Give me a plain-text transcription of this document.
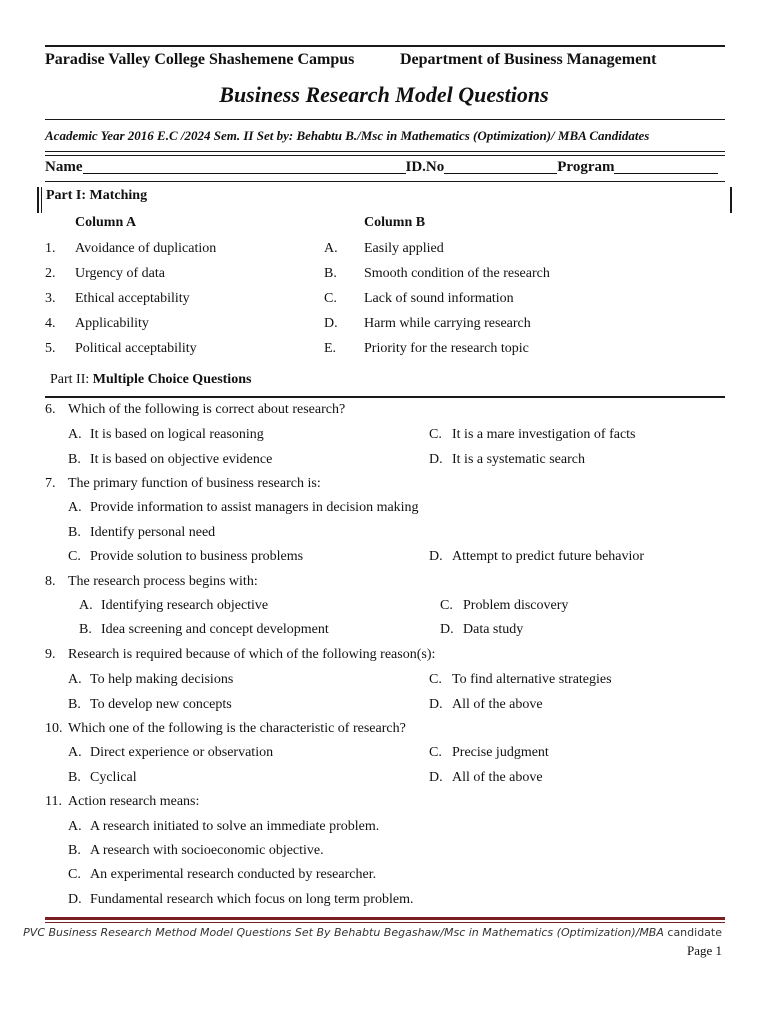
Paradise Valley College Shashemene Campus	Department of Business Management
Business Research Model Questions
Academic Year 2016 E.C /2024 Sem. II Set by: Behabtu B./Msc in Mathematics (Optimization)/ MBA Candidates
Name	ID.No	Program
Part I: Matching
Column A	Column B
1. Avoidance of duplication	A. Easily applied
2. Urgency of data	B. Smooth condition of the research
3. Ethical acceptability	C. Lack of sound information
4. Applicability	D. Harm while carrying research
5. Political acceptability	E. Priority for the research topic
Part II: Multiple Choice Questions
6. Which of the following is correct about research?
A. It is based on logical reasoning	C. It is a mare investigation of facts
B. It is based on objective evidence	D. It is a systematic search
7. The primary function of business research is:
A. Provide information to assist managers in decision making
B. Identify personal need
C. Provide solution to business problems	D. Attempt to predict future behavior
8. The research process begins with:
A. Identifying research objective	C. Problem discovery
B. Idea screening and concept development	D. Data study
9. Research is required because of which of the following reason(s):
A. To help making decisions	C. To find alternative strategies
B. To develop new concepts	D. All of the above
10. Which one of the following is the characteristic of research?
A. Direct experience or observation	C. Precise judgment
B. Cyclical	D. All of the above
11. Action research means:
A. A research initiated to solve an immediate problem.
B. A research with socioeconomic objective.
C. An experimental research conducted by researcher.
D. Fundamental research which focus on long term problem.
PVC Business Research Method Model Questions Set By Behabtu Begashaw/Msc in Mathematics (Optimization)/MBA candidate
Page 1
